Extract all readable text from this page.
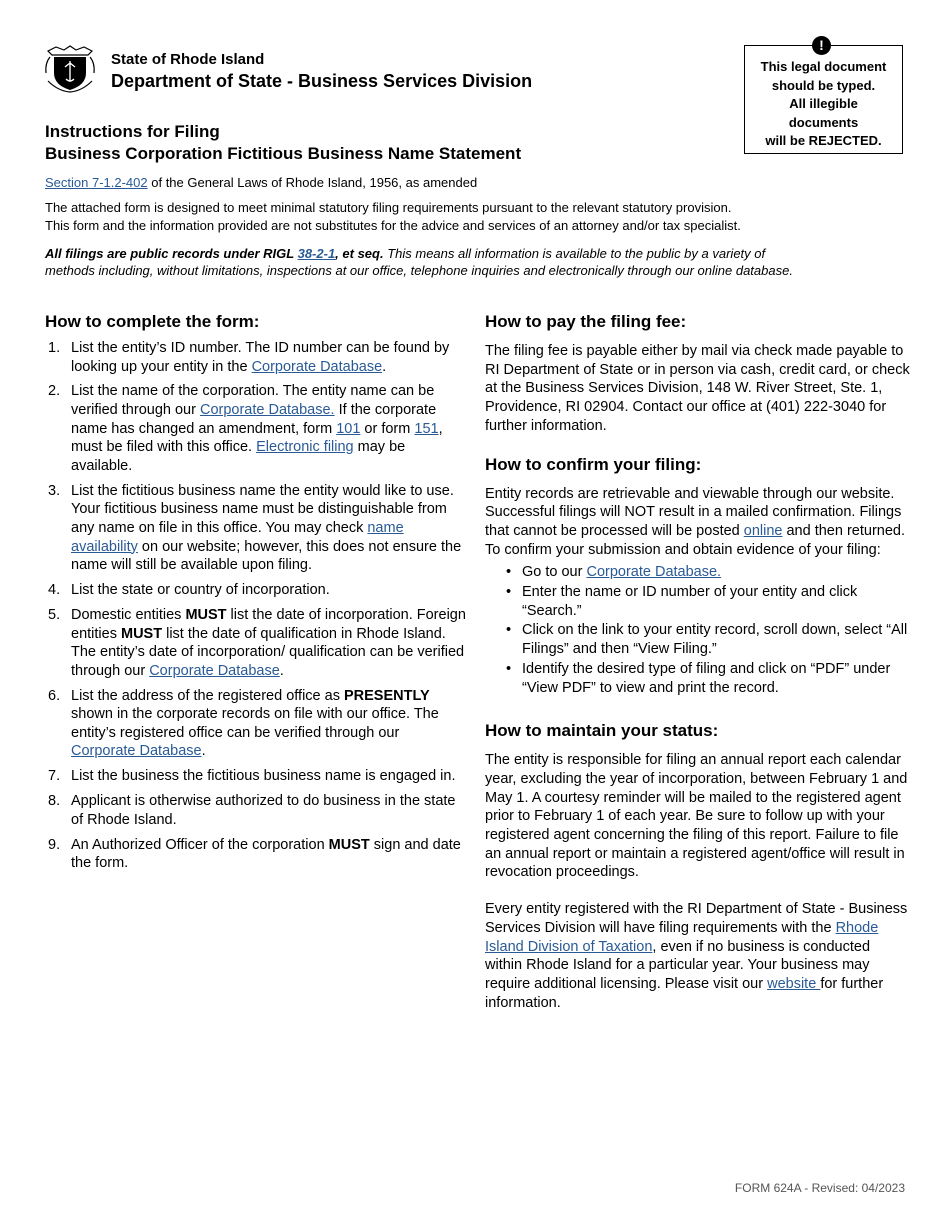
State of Rhode Island
Department of State - Business Services Division
!
This legal document
should be typed.
All illegible
documents
will be REJECTED.
Instructions for Filing
Business Corporation Fictitious Business Name Statement
Section 7-1.2-402 of the General Laws of Rhode Island, 1956, as amended
The attached form is designed to meet minimal statutory filing requirements pursuant to the relevant statutory provision.
This form and the information provided are not substitutes for the advice and services of an attorney and/or tax specialist.
All filings are public records under RIGL 38-2-1, et seq. This means all information is available to the public by a variety of methods including, without limitations, inspections at our office, telephone inquiries and electronically through our online database.
How to complete the form:
1. List the entity’s ID number. The ID number can be found by looking up your entity in the Corporate Database.
2. List the name of the corporation. The entity name can be verified through our Corporate Database. If the corporate name has changed an amendment, form 101 or form 151, must be filed with this office. Electronic filing may be available.
3. List the fictitious business name the entity would like to use. Your fictitious business name must be distinguishable from any name on file in this office. You may check name availability on our website; however, this does not ensure the name will still be available upon filing.
4. List the state or country of incorporation.
5. Domestic entities MUST list the date of incorporation. Foreign entities MUST list the date of qualification in Rhode Island. The entity’s date of incorporation/ qualification can be verified through our Corporate Database.
6. List the address of the registered office as PRESENTLY shown in the corporate records on file with our office. The entity’s registered office can be verified through our Corporate Database.
7. List the business the fictitious business name is engaged in.
8. Applicant is otherwise authorized to do business in the state of Rhode Island.
9. An Authorized Officer of the corporation MUST sign and date the form.
How to pay the filing fee:

The filing fee is payable either by mail via check made payable to RI Department of State or in person via cash, credit card, or check at the Business Services Division, 148 W. River Street, Ste. 1, Providence, RI 02904. Contact our office at (401) 222-3040 for further information.

How to confirm your filing:

Entity records are retrievable and viewable through our website. Successful filings will NOT result in a mailed confirmation. Filings that cannot be processed will be posted online and then returned. To confirm your submission and obtain evidence of your filing:

• Go to our Corporate Database.
• Enter the name or ID number of your entity and click “Search.”
• Click on the link to your entity record, scroll down, select “All Filings” and then “View Filing.”
• Identify the desired type of filing and click on “PDF” under “View PDF” to view and print the record.
How to maintain your status:

The entity is responsible for filing an annual report each calendar year, excluding the year of incorporation, between February 1 and May 1. A courtesy reminder will be mailed to the registered agent prior to February 1 of each year. Be sure to follow up with your registered agent concerning the filing of this report. Failure to file an annual report or maintain a registered agent/office will result in revocation proceedings.

Every entity registered with the RI Department of State - Business Services Division will have filing requirements with the Rhode Island Division of Taxation, even if no business is conducted within Rhode Island for a particular year. Your business may require additional licensing. Please visit our website for further information.

FORM 624A - Revised: 04/2023
